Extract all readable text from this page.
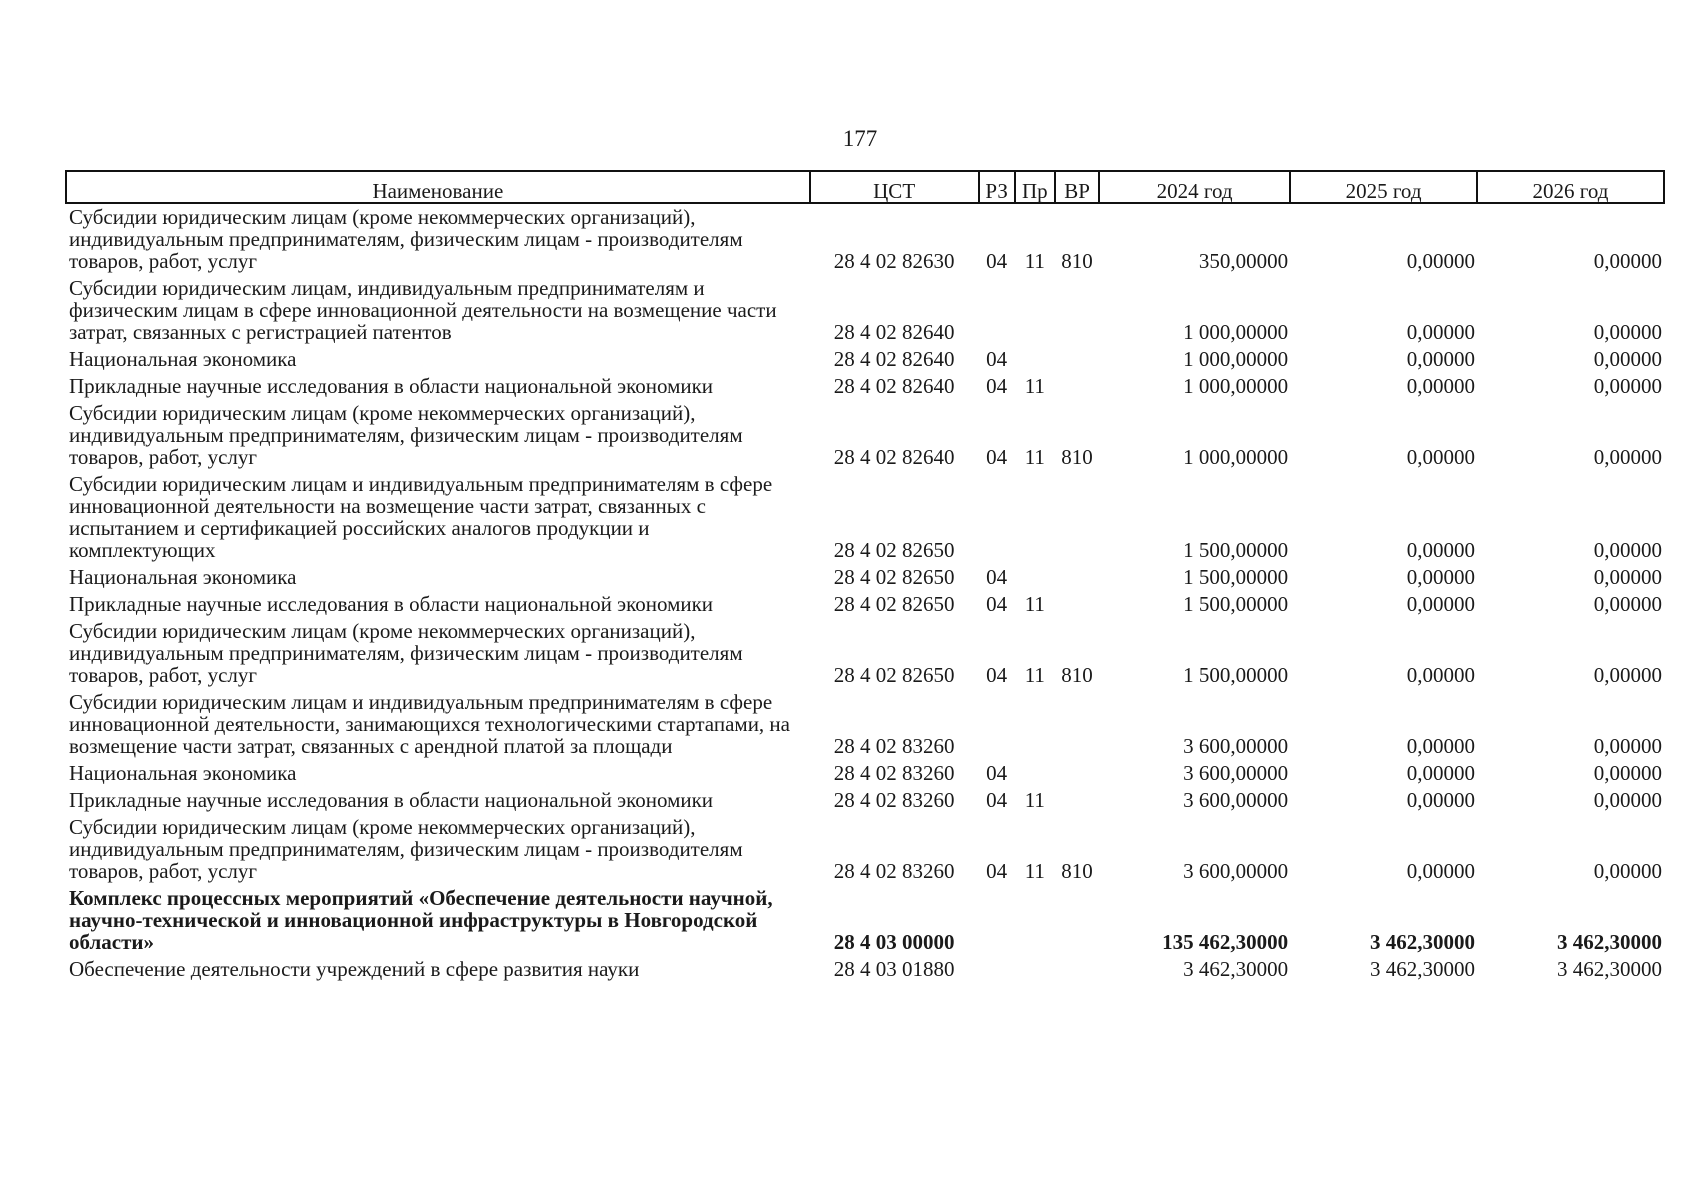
177
Наименование	ЦСТ	РЗ	Пр	ВР	2024 год	2025 год	2026 год
Субсидии юридическим лицам (кроме некоммерческих организаций), индивидуальным предпринимателям, физическим лицам - производителям товаров, работ, услуг	28 4 02 82630	04	11	810	350,00000	0,00000	0,00000
Субсидии юридическим лицам, индивидуальным предпринимателям и физическим лицам в сфере инновационной деятельности на возмещение части затрат, связанных с регистрацией патентов	28 4 02 82640				1 000,00000	0,00000	0,00000
Национальная экономика	28 4 02 82640	04			1 000,00000	0,00000	0,00000
Прикладные научные исследования в области национальной экономики	28 4 02 82640	04	11		1 000,00000	0,00000	0,00000
Субсидии юридическим лицам (кроме некоммерческих организаций), индивидуальным предпринимателям, физическим лицам - производителям товаров, работ, услуг	28 4 02 82640	04	11	810	1 000,00000	0,00000	0,00000
Субсидии юридическим лицам и индивидуальным предпринимателям в сфере инновационной деятельности на возмещение части затрат, связанных с испытанием и сертификацией российских аналогов продукции и комплектующих	28 4 02 82650				1 500,00000	0,00000	0,00000
Национальная экономика	28 4 02 82650	04			1 500,00000	0,00000	0,00000
Прикладные научные исследования в области национальной экономики	28 4 02 82650	04	11		1 500,00000	0,00000	0,00000
Субсидии юридическим лицам (кроме некоммерческих организаций), индивидуальным предпринимателям, физическим лицам - производителям товаров, работ, услуг	28 4 02 82650	04	11	810	1 500,00000	0,00000	0,00000
Субсидии юридическим лицам и индивидуальным предпринимателям в сфере инновационной деятельности, занимающихся технологическими стартапами, на возмещение части затрат, связанных с арендной платой за площади	28 4 02 83260				3 600,00000	0,00000	0,00000
Национальная экономика	28 4 02 83260	04			3 600,00000	0,00000	0,00000
Прикладные научные исследования в области национальной экономики	28 4 02 83260	04	11		3 600,00000	0,00000	0,00000
Субсидии юридическим лицам (кроме некоммерческих организаций), индивидуальным предпринимателям, физическим лицам - производителям товаров, работ, услуг	28 4 02 83260	04	11	810	3 600,00000	0,00000	0,00000
Комплекс процессных мероприятий «Обеспечение деятельности научной, научно-технической и инновационной инфраструктуры в Новгородской области»	28 4 03 00000				135 462,30000	3 462,30000	3 462,30000
Обеспечение деятельности учреждений в сфере развития науки	28 4 03 01880				3 462,30000	3 462,30000	3 462,30000
